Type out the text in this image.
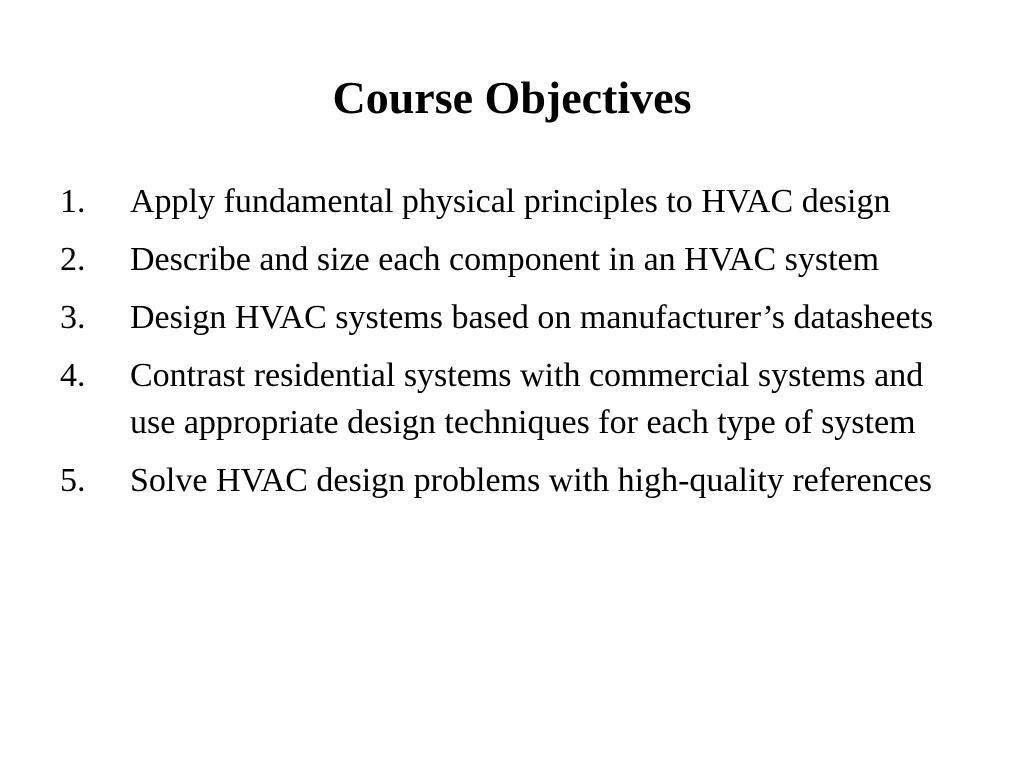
Course Objectives
1.	Apply fundamental physical principles to HVAC design
2.	Describe and size each component in an HVAC system
3.	Design HVAC systems based on manufacturer’s datasheets
4.	Contrast residential systems with commercial systems and use appropriate design techniques for each type of system
5.	Solve HVAC design problems with high-quality references
